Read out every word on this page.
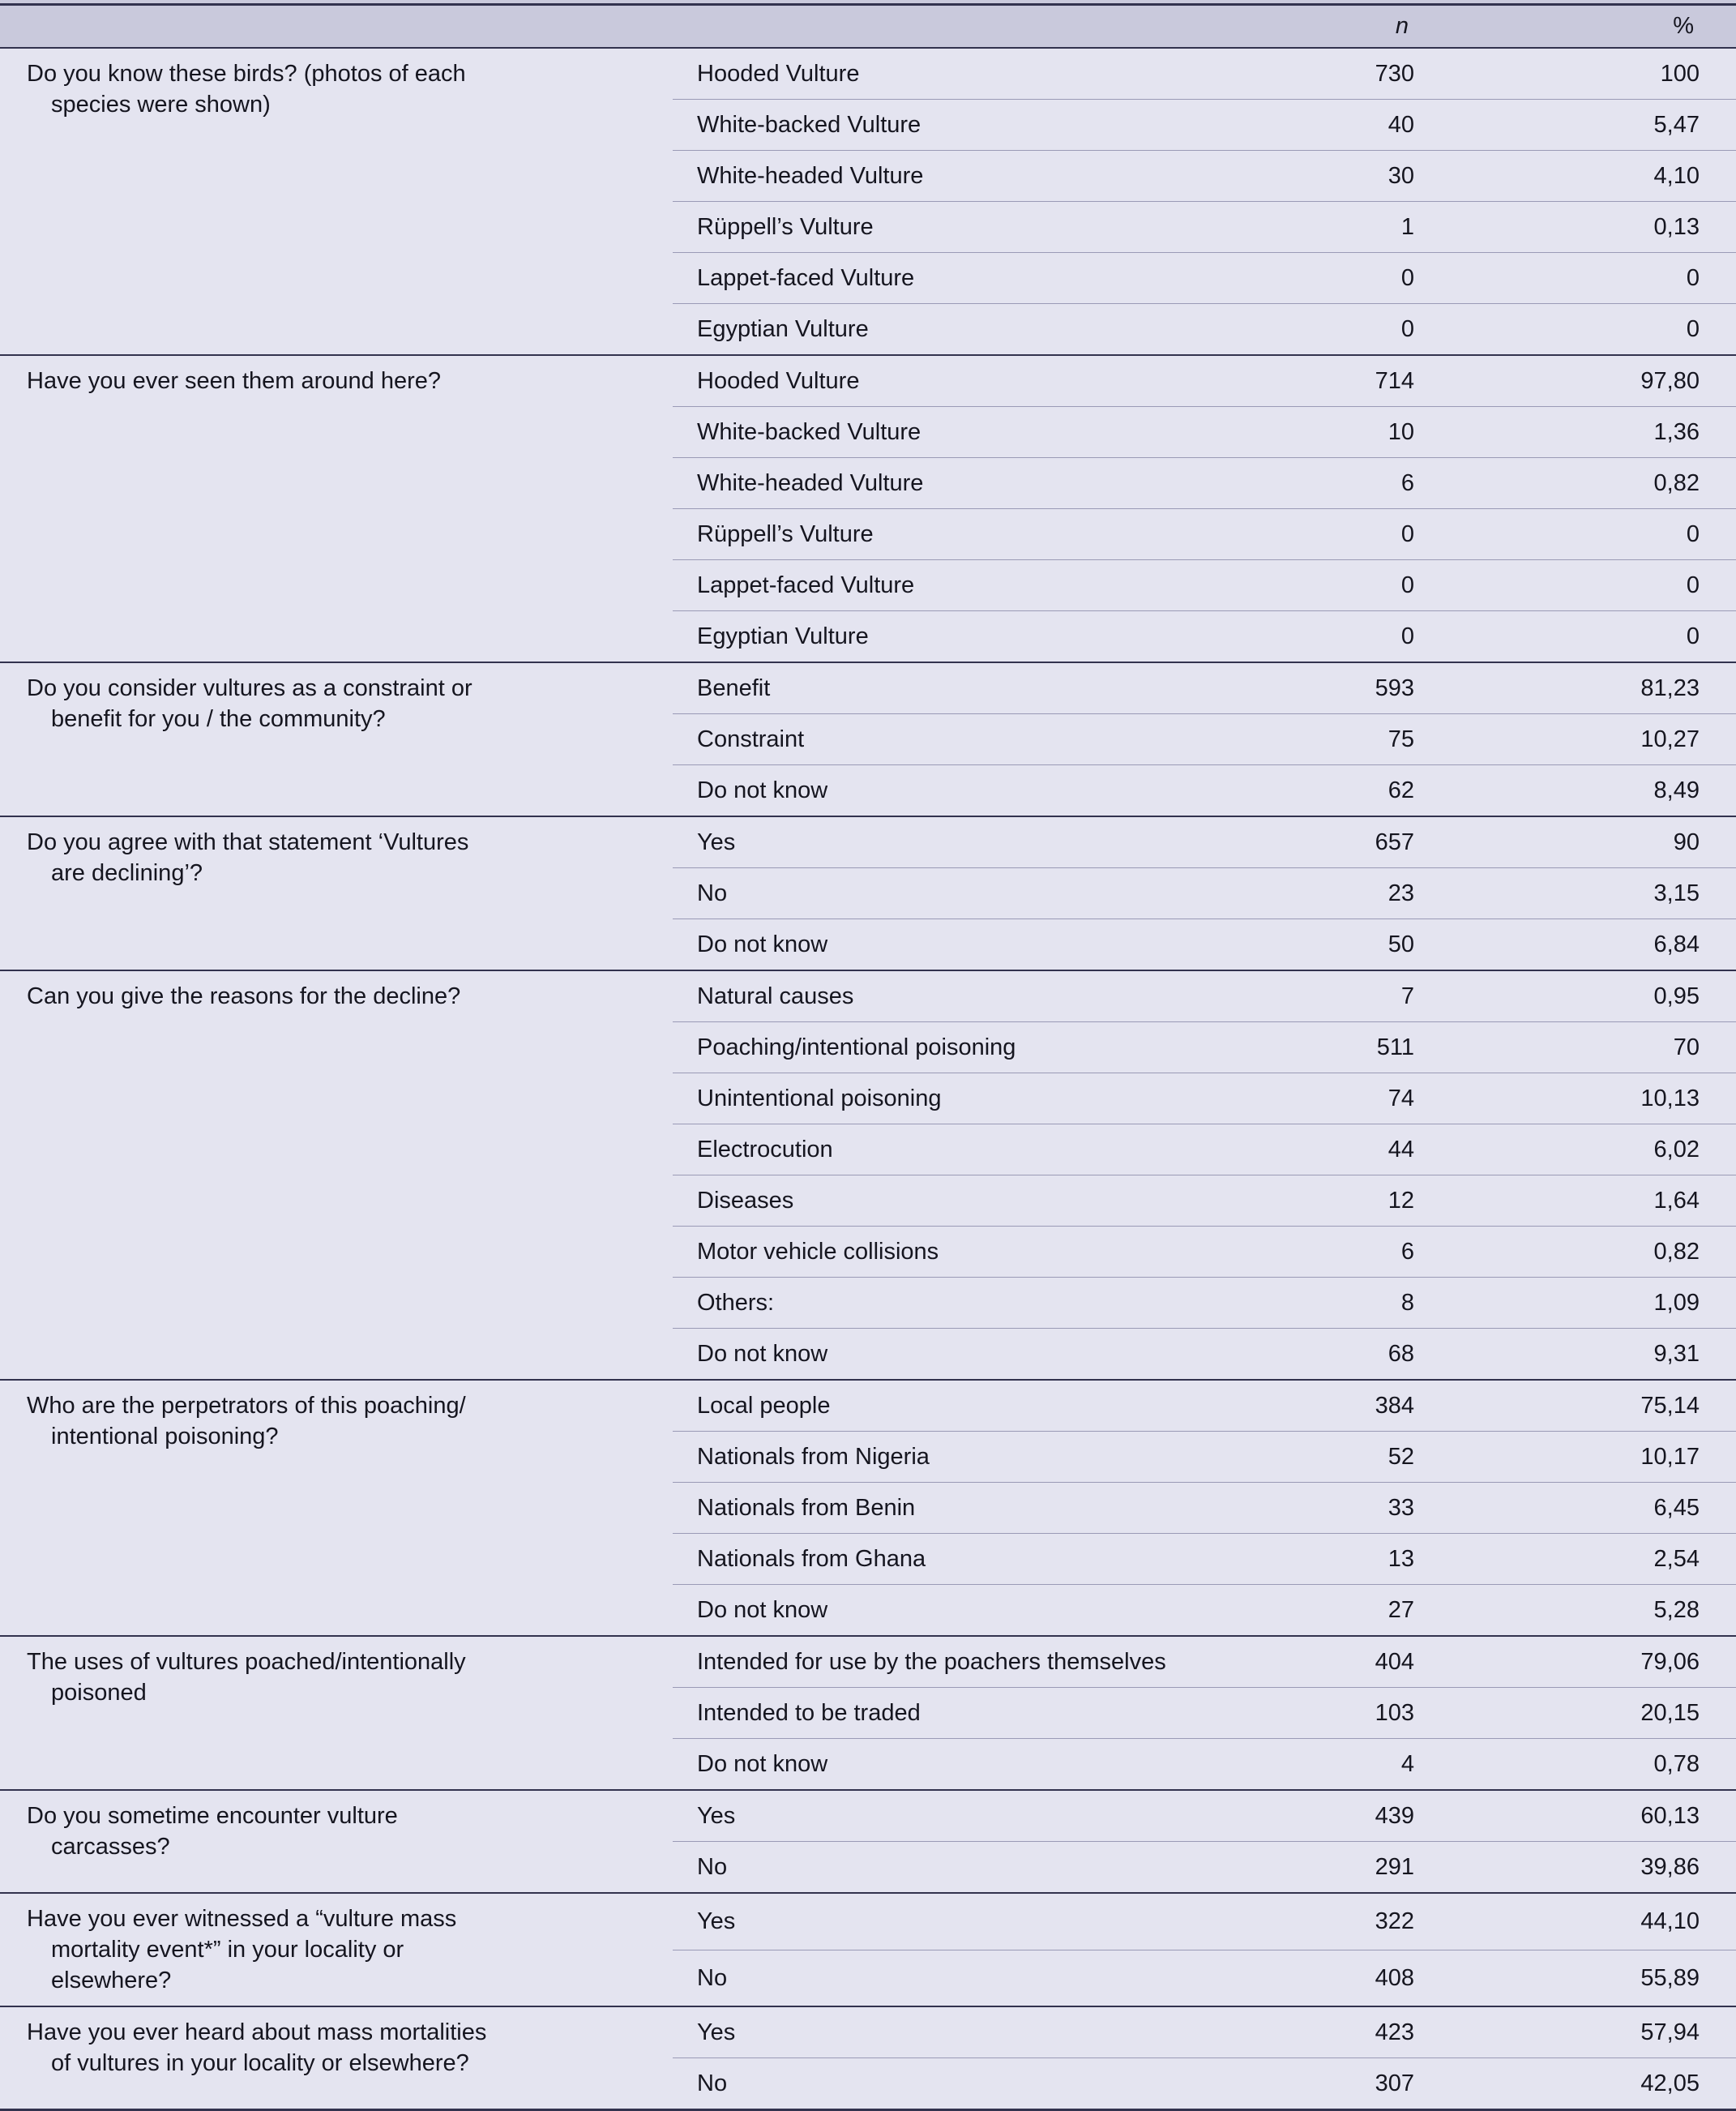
		n	%
Do you know these birds? (photos of each species were shown)	Hooded Vulture	730	100
	White-backed Vulture	40	5,47
	White-headed Vulture	30	4,10
	Rüppell’s Vulture	1	0,13
	Lappet-faced Vulture	0	0
	Egyptian Vulture	0	0
Have you ever seen them around here?	Hooded Vulture	714	97,80
	White-backed Vulture	10	1,36
	White-headed Vulture	6	0,82
	Rüppell’s Vulture	0	0
	Lappet-faced Vulture	0	0
	Egyptian Vulture	0	0
Do you consider vultures as a constraint or benefit for you / the community?	Benefit	593	81,23
	Constraint	75	10,27
	Do not know	62	8,49
Do you agree with that statement ‘Vultures are declining’?	Yes	657	90
	No	23	3,15
	Do not know	50	6,84
Can you give the reasons for the decline?	Natural causes	7	0,95
	Poaching/intentional poisoning	511	70
	Unintentional poisoning	74	10,13
	Electrocution	44	6,02
	Diseases	12	1,64
	Motor vehicle collisions	6	0,82
	Others:	8	1,09
	Do not know	68	9,31
Who are the perpetrators of this poaching/ intentional poisoning?	Local people	384	75,14
	Nationals from Nigeria	52	10,17
	Nationals from Benin	33	6,45
	Nationals from Ghana	13	2,54
	Do not know	27	5,28
The uses of vultures poached/intentionally poisoned	Intended for use by the poachers themselves	404	79,06
	Intended to be traded	103	20,15
	Do not know	4	0,78
Do you sometime encounter vulture carcasses?	Yes	439	60,13
	No	291	39,86
Have you ever witnessed a “vulture mass mortality event*” in your locality or elsewhere?	Yes	322	44,10
	No	408	55,89
Have you ever heard about mass mortalities of vultures in your locality or elsewhere?	Yes	423	57,94
	No	307	42,05
